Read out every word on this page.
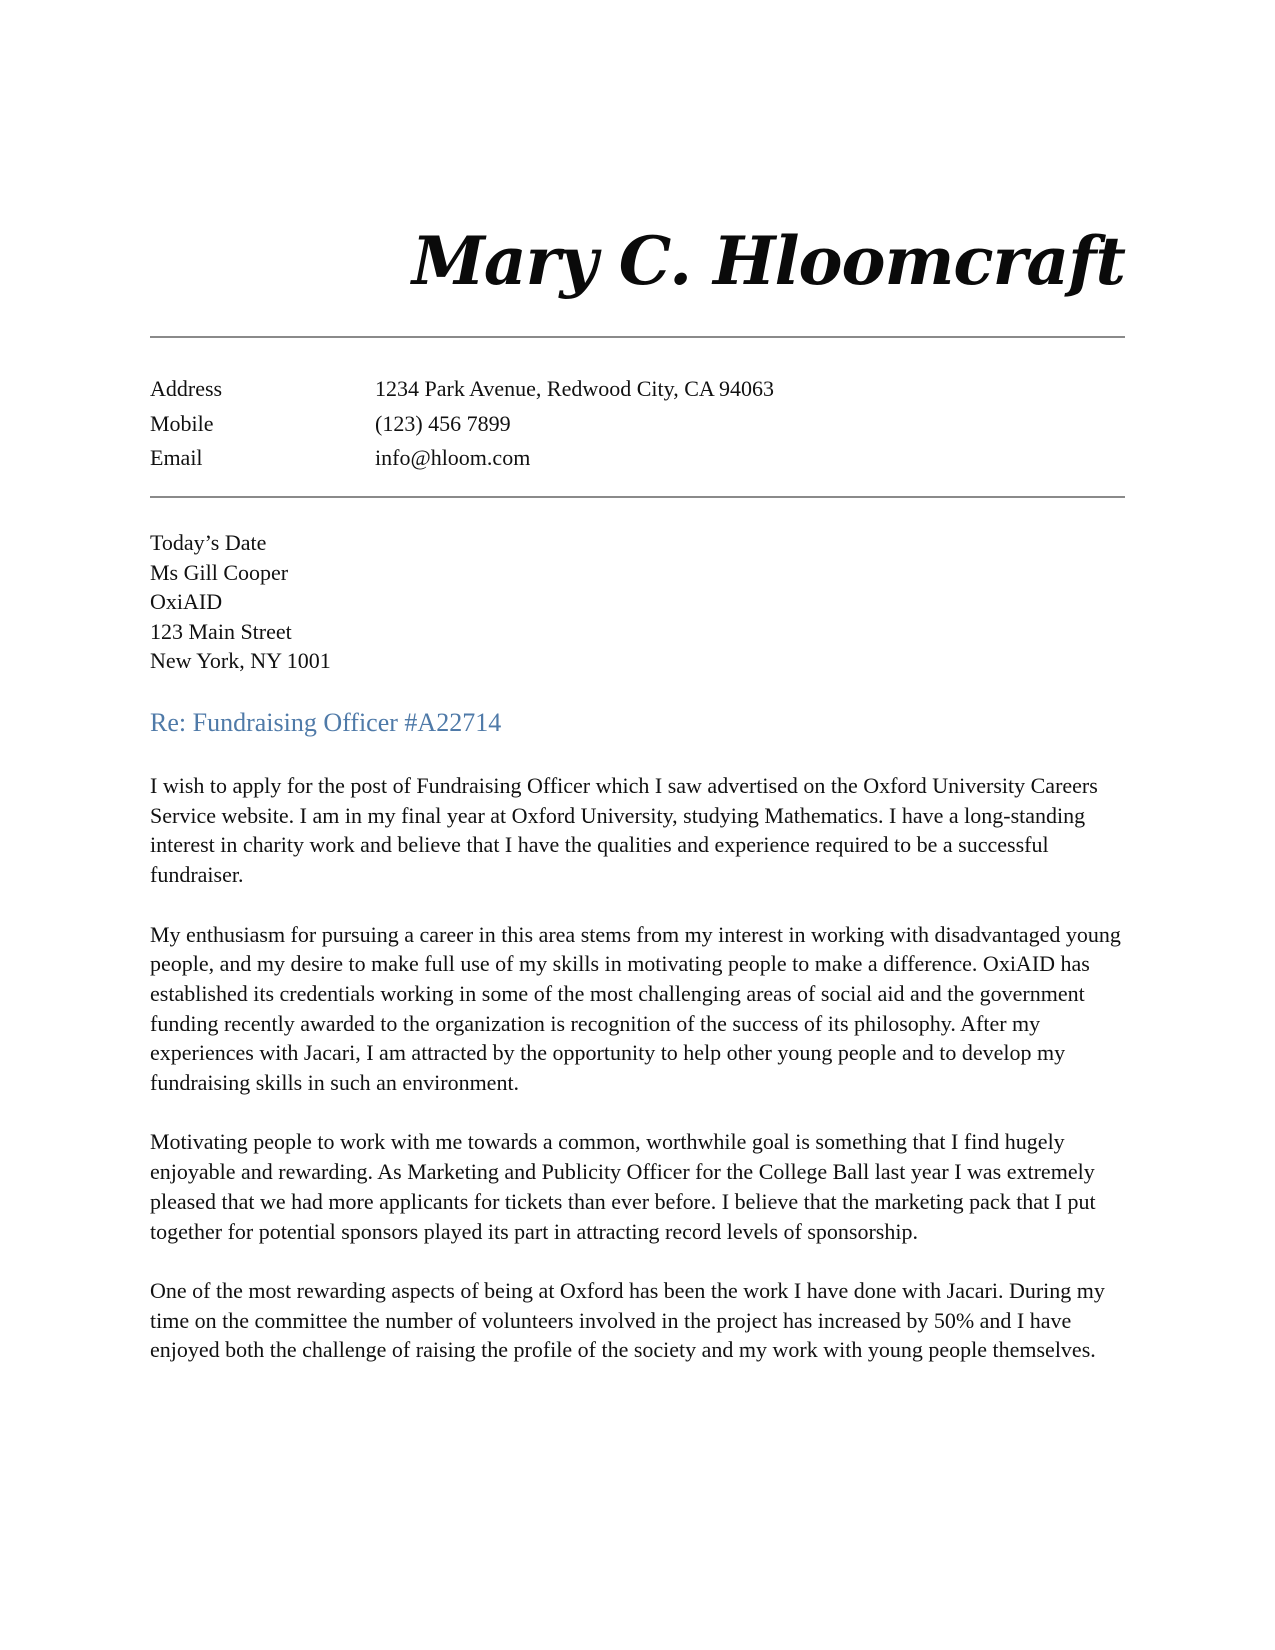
Mary C. Hloomcraft
Address	1234 Park Avenue, Redwood City, CA 94063
Mobile	(123) 456 7899
Email	info@hloom.com
Today’s Date
Ms Gill Cooper
OxiAID
123 Main Street
New York, NY 1001
Re: Fundraising Officer #A22714

I wish to apply for the post of Fundraising Officer which I saw advertised on the Oxford University Careers Service website. I am in my final year at Oxford University, studying Mathematics. I have a long-standing interest in charity work and believe that I have the qualities and experience required to be a successful fundraiser.

My enthusiasm for pursuing a career in this area stems from my interest in working with disadvantaged young people, and my desire to make full use of my skills in motivating people to make a difference. OxiAID has established its credentials working in some of the most challenging areas of social aid and the government funding recently awarded to the organization is recognition of the success of its philosophy. After my experiences with Jacari, I am attracted by the opportunity to help other young people and to develop my fundraising skills in such an environment.

Motivating people to work with me towards a common, worthwhile goal is something that I find hugely enjoyable and rewarding. As Marketing and Publicity Officer for the College Ball last year I was extremely pleased that we had more applicants for tickets than ever before. I believe that the marketing pack that I put together for potential sponsors played its part in attracting record levels of sponsorship.

One of the most rewarding aspects of being at Oxford has been the work I have done with Jacari. During my time on the committee the number of volunteers involved in the project has increased by 50% and I have enjoyed both the challenge of raising the profile of the society and my work with young people themselves.
